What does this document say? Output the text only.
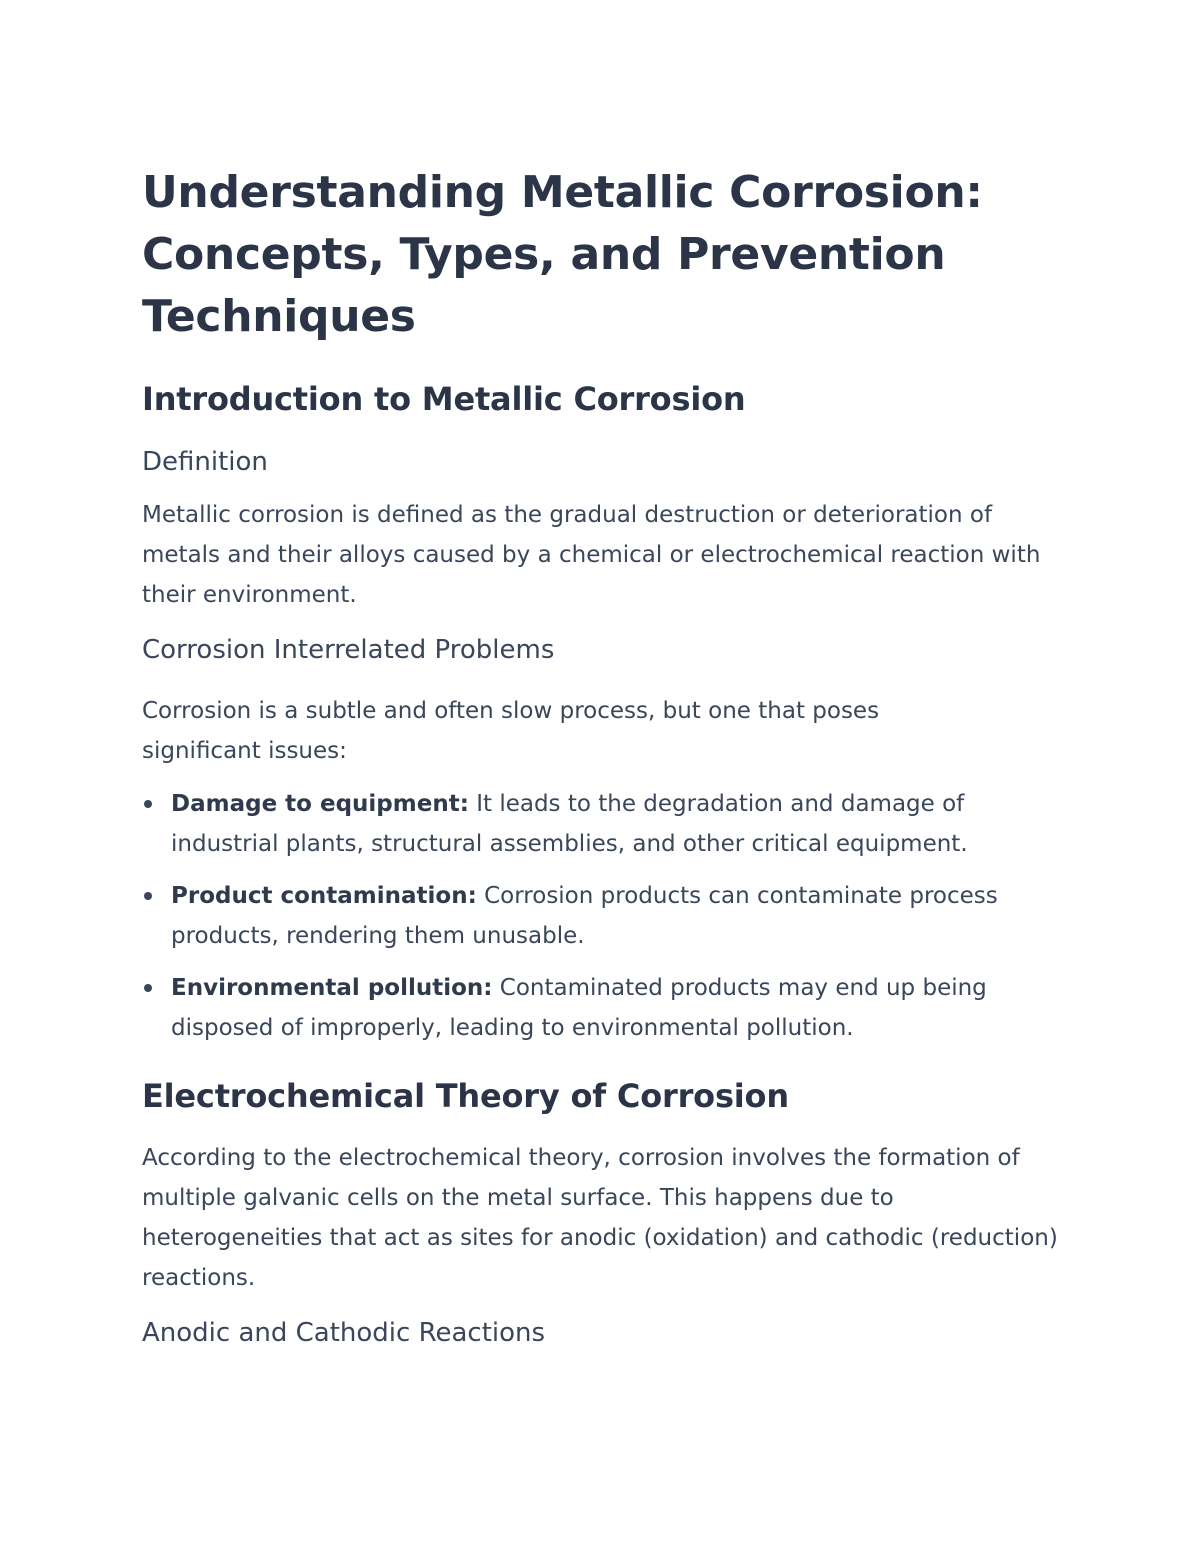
Understanding Metallic Corrosion: Concepts, Types, and Prevention Techniques
Introduction to Metallic Corrosion
Definition

Metallic corrosion is defined as the gradual destruction or deterioration of metals and their alloys caused by a chemical or electrochemical reaction with their environment.

Corrosion Interrelated Problems

Corrosion is a subtle and often slow process, but one that poses significant issues:

Damage to equipment: It leads to the degradation and damage of industrial plants, structural assemblies, and other critical equipment.
Product contamination: Corrosion products can contaminate process products, rendering them unusable.
Environmental pollution: Contaminated products may end up being disposed of improperly, leading to environmental pollution.
Electrochemical Theory of Corrosion

According to the electrochemical theory, corrosion involves the formation of multiple galvanic cells on the metal surface. This happens due to heterogeneities that act as sites for anodic (oxidation) and cathodic (reduction) reactions.

Anodic and Cathodic Reactions
